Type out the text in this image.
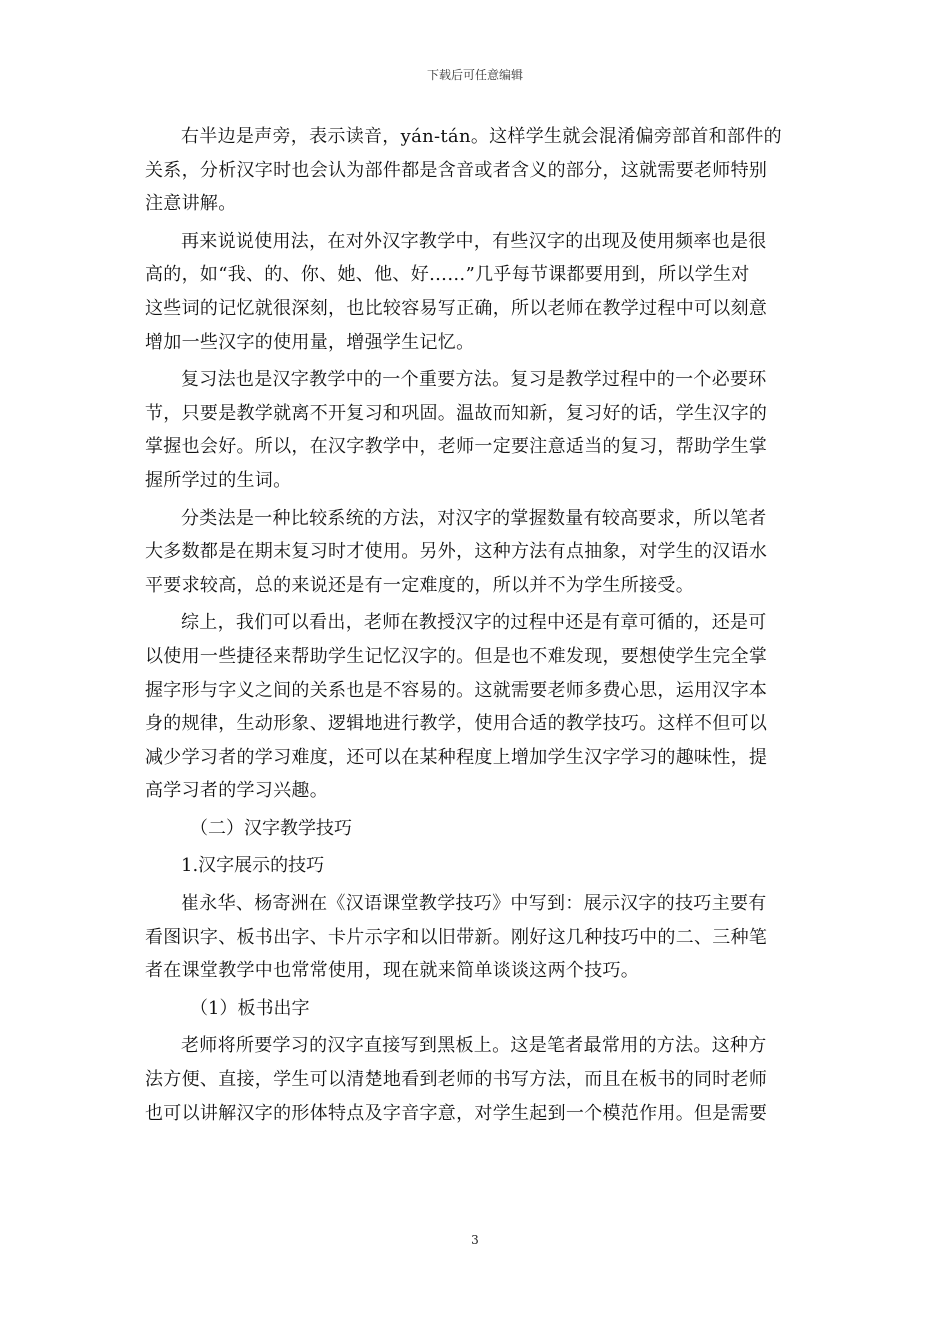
下载后可任意编辑
右半边是声旁，表示读音，yán-tán。这样学生就会混淆偏旁部首和部件的
关系，分析汉字时也会认为部件都是含音或者含义的部分，这就需要老师特别
注意讲解。
再来说说使用法，在对外汉字教学中，有些汉字的出现及使用频率也是很
高的，如“我、的、你、她、他、好……”几乎每节课都要用到，所以学生对
这些词的记忆就很深刻，也比较容易写正确，所以老师在教学过程中可以刻意
增加一些汉字的使用量，增强学生记忆。
复习法也是汉字教学中的一个重要方法。复习是教学过程中的一个必要环
节，只要是教学就离不开复习和巩固。温故而知新，复习好的话，学生汉字的
掌握也会好。所以，在汉字教学中，老师一定要注意适当的复习，帮助学生掌
握所学过的生词。
分类法是一种比较系统的方法，对汉字的掌握数量有较高要求，所以笔者
大多数都是在期末复习时才使用。另外，这种方法有点抽象，对学生的汉语水
平要求较高，总的来说还是有一定难度的，所以并不为学生所接受。
综上，我们可以看出，老师在教授汉字的过程中还是有章可循的，还是可
以使用一些捷径来帮助学生记忆汉字的。但是也不难发现，要想使学生完全掌
握字形与字义之间的关系也是不容易的。这就需要老师多费心思，运用汉字本
身的规律，生动形象、逻辑地进行教学，使用合适的教学技巧。这样不但可以
减少学习者的学习难度，还可以在某种程度上增加学生汉字学习的趣味性，提
高学习者的学习兴趣。
（二）汉字教学技巧
1.汉字展示的技巧
崔永华、杨寄洲在《汉语课堂教学技巧》中写到：展示汉字的技巧主要有
看图识字、板书出字、卡片示字和以旧带新。刚好这几种技巧中的二、三种笔
者在课堂教学中也常常使用，现在就来简单谈谈这两个技巧。
（1）板书出字
老师将所要学习的汉字直接写到黑板上。这是笔者最常用的方法。这种方
法方便、直接，学生可以清楚地看到老师的书写方法，而且在板书的同时老师
也可以讲解汉字的形体特点及字音字意，对学生起到一个模范作用。但是需要
3
